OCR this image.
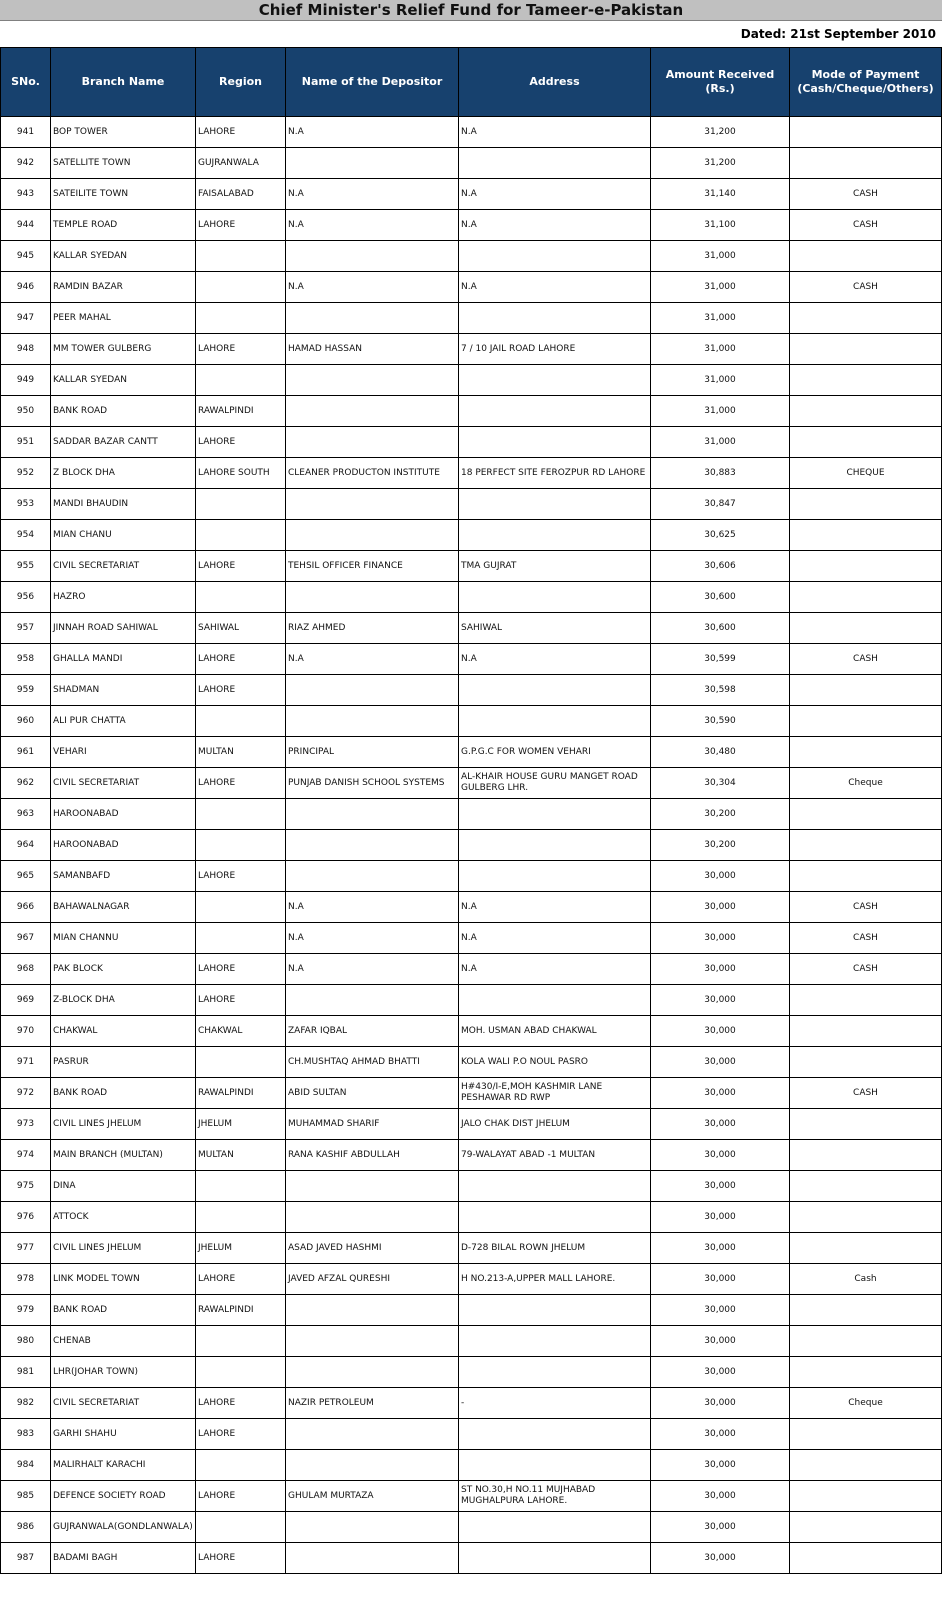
Chief Minister's Relief Fund for Tameer-e-Pakistan
Dated: 21st September 2010
SNo.	Branch Name	Region	Name of the Depositor	Address	Amount Received (Rs.)	Mode of Payment (Cash/Cheque/Others)
941	BOP TOWER	LAHORE	N.A	N.A	31,200	
942	SATELLITE TOWN	GUJRANWALA			31,200	
943	SATEILITE TOWN	FAISALABAD	N.A	N.A	31,140	CASH
944	TEMPLE ROAD	LAHORE	N.A	N.A	31,100	CASH
945	KALLAR SYEDAN				31,000	
946	RAMDIN BAZAR		N.A	N.A	31,000	CASH
947	PEER MAHAL				31,000	
948	MM TOWER GULBERG	LAHORE	HAMAD HASSAN	7 / 10 JAIL ROAD LAHORE	31,000	
949	KALLAR SYEDAN				31,000	
950	BANK ROAD	RAWALPINDI			31,000	
951	SADDAR BAZAR CANTT	LAHORE			31,000	
952	Z BLOCK DHA	LAHORE SOUTH	CLEANER PRODUCTON INSTITUTE	18 PERFECT SITE FEROZPUR RD LAHORE	30,883	CHEQUE
953	MANDI BHAUDIN				30,847	
954	MIAN CHANU				30,625	
955	CIVIL SECRETARIAT	LAHORE	TEHSIL OFFICER FINANCE	TMA GUJRAT	30,606	
956	HAZRO				30,600	
957	JINNAH ROAD SAHIWAL	SAHIWAL	RIAZ AHMED	SAHIWAL	30,600	
958	GHALLA MANDI	LAHORE	N.A	N.A	30,599	CASH
959	SHADMAN	LAHORE			30,598	
960	ALI PUR CHATTA				30,590	
961	VEHARI	MULTAN	PRINCIPAL	G.P.G.C FOR WOMEN VEHARI	30,480	
962	CIVIL SECRETARIAT	LAHORE	PUNJAB DANISH SCHOOL SYSTEMS	AL-KHAIR HOUSE GURU MANGET ROAD GULBERG LHR.	30,304	Cheque
963	HAROONABAD				30,200	
964	HAROONABAD				30,200	
965	SAMANBAFD	LAHORE			30,000	
966	BAHAWALNAGAR		N.A	N.A	30,000	CASH
967	MIAN CHANNU		N.A	N.A	30,000	CASH
968	PAK BLOCK	LAHORE	N.A	N.A	30,000	CASH
969	Z-BLOCK DHA	LAHORE			30,000	
970	CHAKWAL	CHAKWAL	ZAFAR IQBAL	MOH. USMAN ABAD CHAKWAL	30,000	
971	PASRUR		CH.MUSHTAQ AHMAD BHATTI	KOLA WALI P.O NOUL PASRO	30,000	
972	BANK ROAD	RAWALPINDI	ABID SULTAN	H#430/I-E,MOH KASHMIR LANE PESHAWAR RD RWP	30,000	CASH
973	CIVIL LINES JHELUM	JHELUM	MUHAMMAD SHARIF	JALO CHAK DIST JHELUM	30,000	
974	MAIN BRANCH (MULTAN)	MULTAN	RANA KASHIF ABDULLAH	79-WALAYAT ABAD -1 MULTAN	30,000	
975	DINA				30,000	
976	ATTOCK				30,000	
977	CIVIL LINES JHELUM	JHELUM	ASAD JAVED HASHMI	D-728 BILAL ROWN JHELUM	30,000	
978	LINK MODEL TOWN	LAHORE	JAVED AFZAL QURESHI	H NO.213-A,UPPER MALL LAHORE.	30,000	Cash
979	BANK ROAD	RAWALPINDI			30,000	
980	CHENAB				30,000	
981	LHR(JOHAR TOWN)				30,000	
982	CIVIL SECRETARIAT	LAHORE	NAZIR PETROLEUM	-	30,000	Cheque
983	GARHI SHAHU	LAHORE			30,000	
984	MALIRHALT KARACHI				30,000	
985	DEFENCE SOCIETY ROAD	LAHORE	GHULAM MURTAZA	ST NO.30,H NO.11 MUJHABAD MUGHALPURA LAHORE.	30,000	
986	GUJRANWALA(GONDLANWALA)				30,000	
987	BADAMI BAGH	LAHORE			30,000	
